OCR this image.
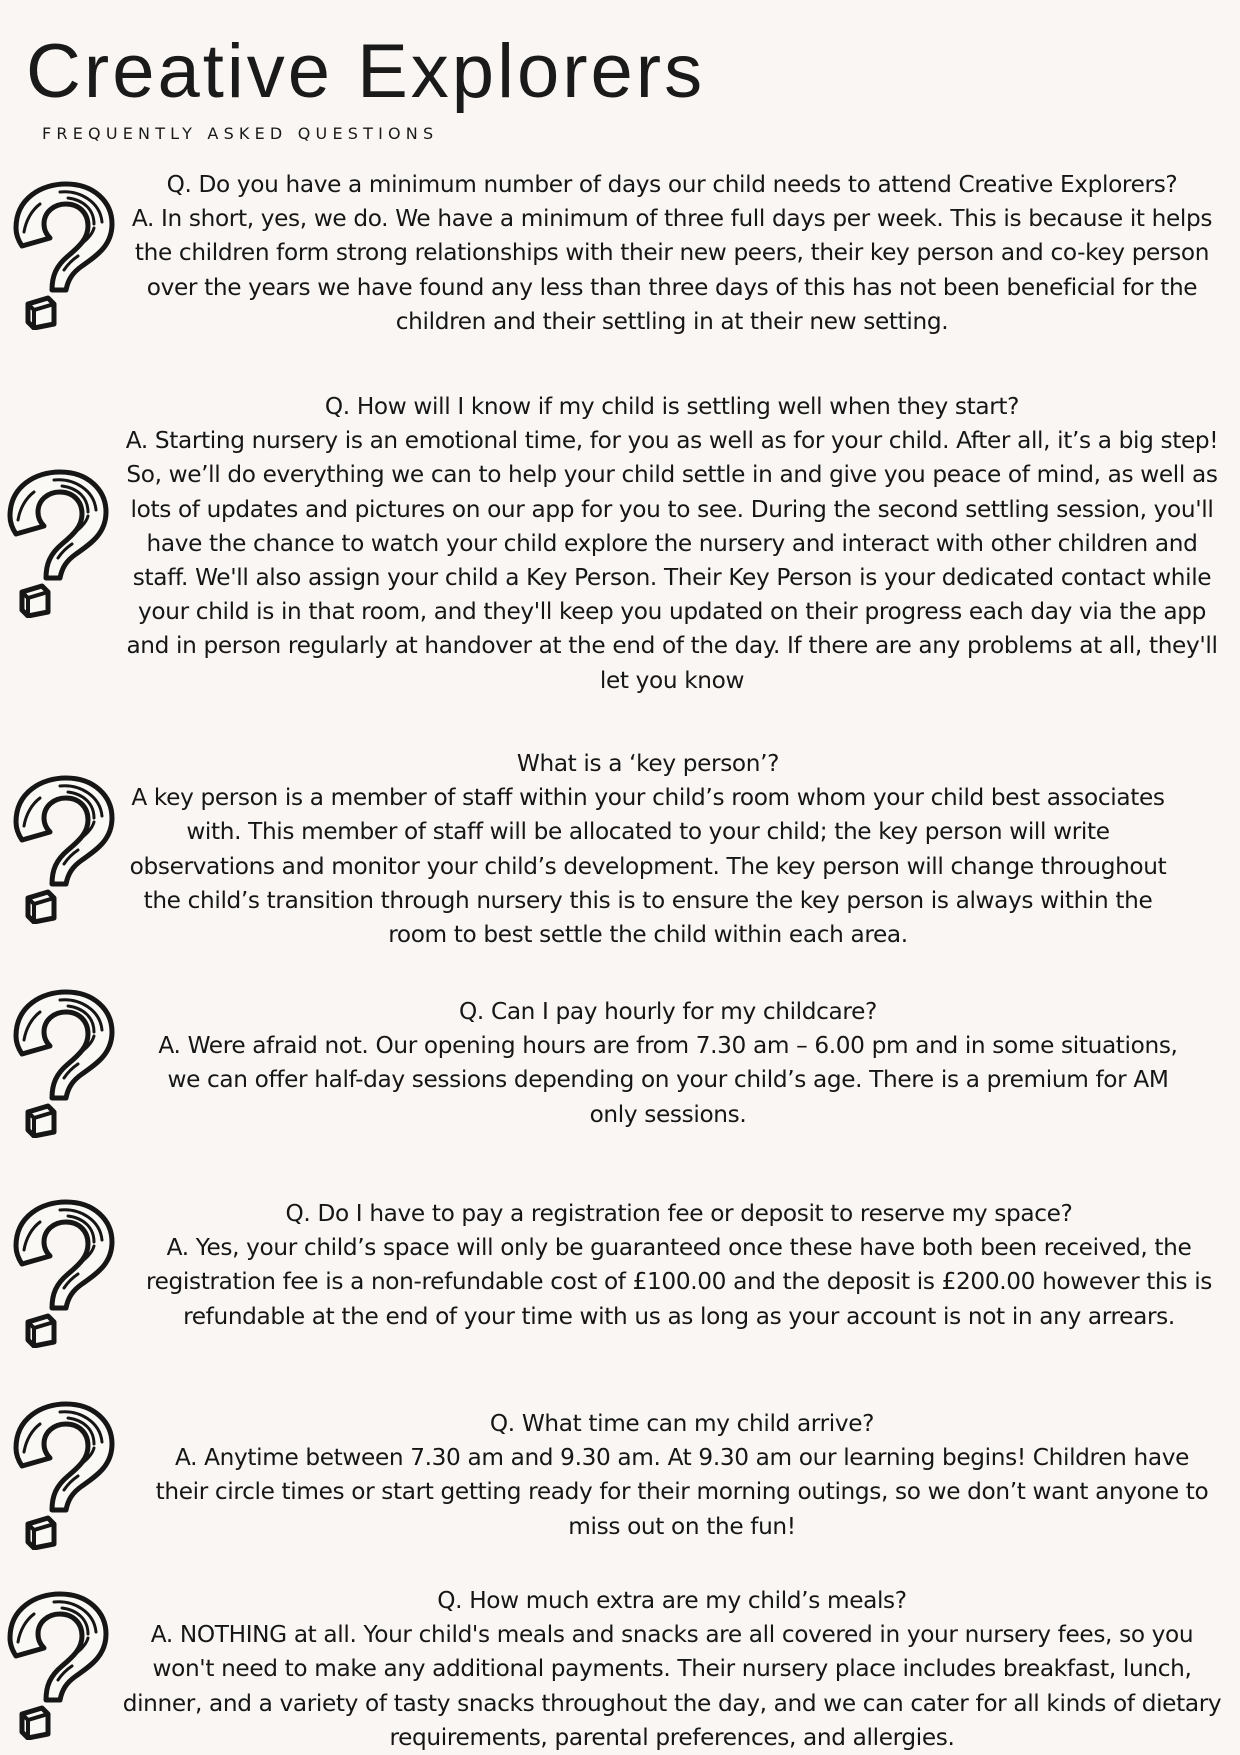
Creative Explorers

FREQUENTLY ASKED QUESTIONS

Q. Do you have a minimum number of days our child needs to attend Creative Explorers?

A. In short, yes, we do. We have a minimum of three full days per week. This is because it helps the children form strong relationships with their new peers, their key person and co-key person over the years we have found any less than three days of this has not been beneficial for the children and their settling in at their new setting.

Q. How will I know if my child is settling well when they start?

A. Starting nursery is an emotional time, for you as well as for your child. After all, it’s a big step! So, we’ll do everything we can to help your child settle in and give you peace of mind, as well as lots of updates and pictures on our app for you to see. During the second settling session, you'll have the chance to watch your child explore the nursery and interact with other children and staff. We'll also assign your child a Key Person. Their Key Person is your dedicated contact while your child is in that room, and they'll keep you updated on their progress each day via the app and in person regularly at handover at the end of the day. If there are any problems at all, they'll let you know

What is a ‘key person’?

A key person is a member of staff within your child’s room whom your child best associates with. This member of staff will be allocated to your child; the key person will write observations and monitor your child’s development. The key person will change throughout the child’s transition through nursery this is to ensure the key person is always within the room to best settle the child within each area.

Q. Can I pay hourly for my childcare?

A. Were afraid not. Our opening hours are from 7.30 am – 6.00 pm and in some situations, we can offer half-day sessions depending on your child’s age. There is a premium for AM only sessions.

Q. Do I have to pay a registration fee or deposit to reserve my space?

A. Yes, your child’s space will only be guaranteed once these have both been received, the registration fee is a non-refundable cost of £100.00 and the deposit is £200.00 however this is refundable at the end of your time with us as long as your account is not in any arrears.

Q. What time can my child arrive?

A. Anytime between 7.30 am and 9.30 am. At 9.30 am our learning begins! Children have their circle times or start getting ready for their morning outings, so we don’t want anyone to miss out on the fun!

Q. How much extra are my child’s meals?

A. NOTHING at all. Your child's meals and snacks are all covered in your nursery fees, so you won't need to make any additional payments. Their nursery place includes breakfast, lunch, dinner, and a variety of tasty snacks throughout the day, and we can cater for all kinds of dietary requirements, parental preferences, and allergies.
